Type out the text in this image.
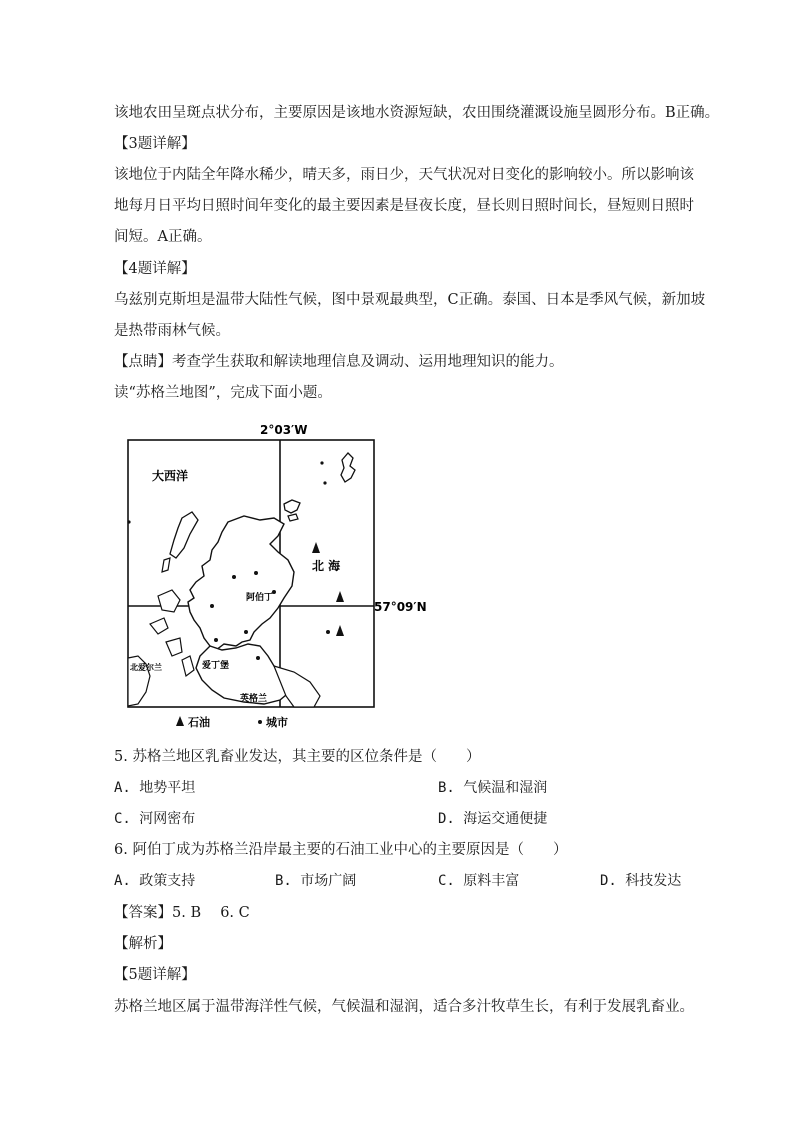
该地农田呈斑点状分布，主要原因是该地水资源短缺，农田围绕灌溉设施呈圆形分布。B正确。
【3题详解】
该地位于内陆全年降水稀少，晴天多，雨日少，天气状况对日变化的影响较小。所以影响该
地每月日平均日照时间年变化的最主要因素是昼夜长度，昼长则日照时间长，昼短则日照时
间短。A正确。
【4题详解】
乌兹别克斯坦是温带大陆性气候，图中景观最典型，C正确。泰国、日本是季风气候，新加坡
是热带雨林气候。
【点睛】考查学生获取和解读地理信息及调动、运用地理知识的能力。
读“苏格兰地图”，完成下面小题。
2°03′W
57°09′N
大西洋
北 海
阿伯丁
爱丁堡
英格兰
北爱尔兰
石油	城市
5. 苏格兰地区乳畜业发达，其主要的区位条件是（　　）
A. 地势平坦	B. 气候温和湿润
C. 河网密布	D. 海运交通便捷
6. 阿伯丁成为苏格兰沿岸最主要的石油工业中心的主要原因是（　　）
A. 政策支持	B. 市场广阔	C. 原料丰富	D. 科技发达
【答案】5. B　 6. C
【解析】
【5题详解】
苏格兰地区属于温带海洋性气候，气候温和湿润，适合多汁牧草生长，有利于发展乳畜业。
